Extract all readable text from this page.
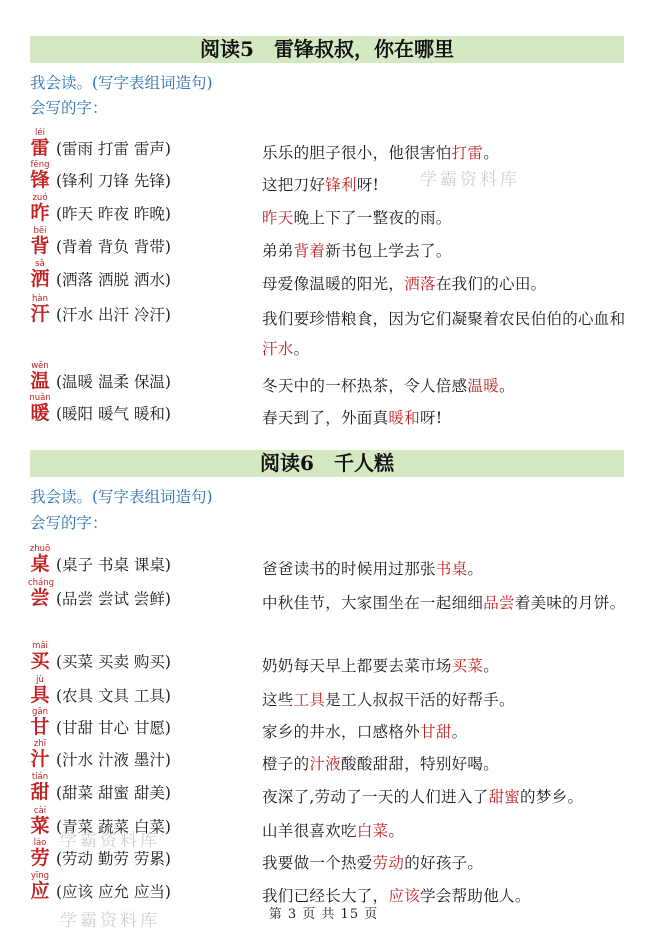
阅读5　雷锋叔叔，你在哪里
我会读。(写字表组词造句)
会写的字：
léi
雷 (雷雨 打雷 雷声)	乐乐的胆子很小，他很害怕打雷。
fēng
锋 (锋利 刀锋 先锋)	这把刀好锋利呀!
zuó
昨 (昨天 昨夜 昨晚)	昨天晚上下了一整夜的雨。
bēi
背 (背着 背负 背带)	弟弟背着新书包上学去了。
sǎ
洒 (洒落 洒脱 洒水)	母爱像温暖的阳光，洒落在我们的心田。
hàn
汗 (汗水 出汗 冷汗)	我们要珍惜粮食，因为它们凝聚着农民伯伯的心血和汗水。
wēn
温 (温暖 温柔 保温)	冬天中的一杯热茶，令人倍感温暖。
nuǎn
暖 (暖阳 暖气 暖和)	春天到了，外面真暖和呀!
阅读6　千人糕
我会读。(写字表组词造句)
会写的字：
zhuō
桌 (桌子 书桌 课桌)	爸爸读书的时候用过那张书桌。
cháng
尝 (品尝 尝试 尝鲜)	中秋佳节，大家围坐在一起细细品尝着美味的月饼。
mǎi
买 (买菜 买卖 购买)	奶奶每天早上都要去菜市场买菜。
jù
具 (农具 文具 工具)	这些工具是工人叔叔干活的好帮手。
gān
甘 (甘甜 甘心 甘愿)	家乡的井水，口感格外甘甜。
zhī
汁 (汁水 汁液 墨汁)	橙子的汁液酸酸甜甜，特别好喝。
tián
甜 (甜菜 甜蜜 甜美)	夜深了,劳动了一天的人们进入了甜蜜的梦乡。
cài
菜 (青菜 蔬菜 白菜)	山羊很喜欢吃白菜。
láo
劳 (劳动 勤劳 劳累)	我要做一个热爱劳动的好孩子。
yīng
应 (应该 应允 应当)	我们已经长大了，应该学会帮助他人。
学霸资料库
学霸资料库
学霸资料库	第 3 页 共 15 页
